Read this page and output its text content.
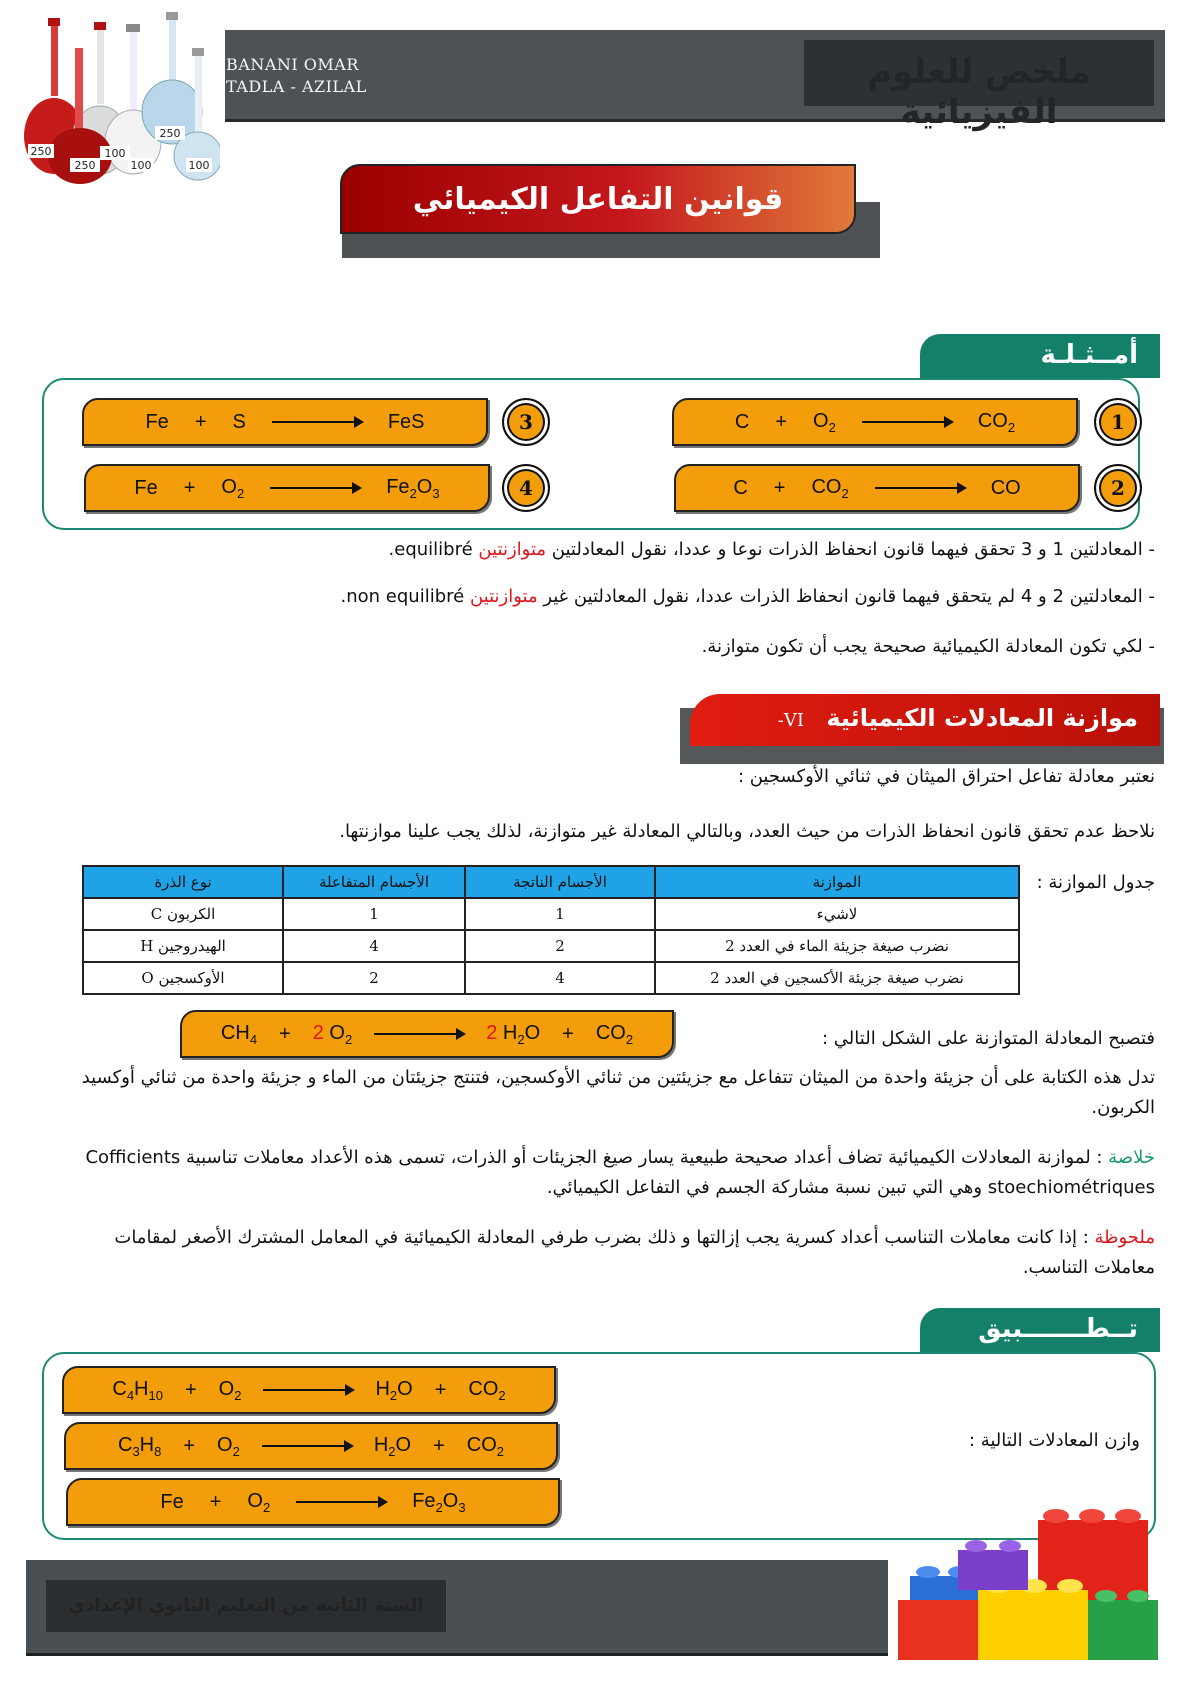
ملخص للعلوم الفيزيائية
BANANI OMAR
TADLA - AZILAL
100
250
250
100
250
100
قوانين التفاعل الكيميائي
أمــثـلـة
$C + O_2$	$CO_2$	1
$C + CO_2$	CO	2
Fe + S	FeS	3
$Fe + O_2$	$Fe_2O_3$	4
- المعادلتين 1 و 3 تحقق فيهما قانون انحفاظ الذرات نوعا و عددا، نقول المعادلتين متوازنتين equilibré.
- المعادلتين 2 و 4 لم يتحقق فيهما قانون انحفاظ الذرات عددا، نقول المعادلتين غير متوازنتين non equilibré.
- لكي تكون المعادلة الكيميائية صحيحة يجب أن تكون متوازنة.
موازنة المعادلات الكيميائية VI-
نعتبر معادلة تفاعل احتراق الميثان في ثنائي الأوكسجين :
نلاحظ عدم تحقق قانون انحفاظ الذرات من حيث العدد، وبالتالي المعادلة غير متوازنة، لذلك يجب علينا موازنتها.
جدول الموازنة :
نوع الذرة	الأجسام المتفاعلة	الأجسام الناتجة	الموازنة
الكربون C	1	1	لاشيء
الهيدروجين H	4	2	نضرب صيغة جزيئة الماء في العدد 2
الأوكسجين O	2	4	نضرب صيغة جزيئة الأكسجين في العدد 2
فتصبح المعادلة المتوازنة على الشكل التالي :
$CH_4 + 2$ $O_2$	2 $H_2O + CO_2$
تدل هذه الكتابة على أن جزيئة واحدة من الميثان تتفاعل مع جزيئتين من ثنائي الأوكسجين، فتنتج جزيئتان من الماء و جزيئة واحدة من ثنائي أوكسيد الكربون.
خلاصة : لموازنة المعادلات الكيميائية تضاف أعداد صحيحة طبيعية يسار صيغ الجزيئات أو الذرات، تسمى هذه الأعداد معاملات تناسبية Cofficients stoechiométriques وهي التي تبين نسبة مشاركة الجسم في التفاعل الكيميائي.
ملحوظة : إذا كانت معاملات التناسب أعداد كسرية يجب إزالتها و ذلك بضرب طرفي المعادلة الكيميائية في المعامل المشترك الأصغر لمقامات معاملات التناسب.
تــطـــــــبيق
وازن المعادلات التالية :
$C_4H_{10} + O_2$	$H_2O + CO_2$
$C_3H_8 + O_2$	$H_2O + CO_2$
$Fe + O_2$	$Fe_2O_3$
السنة الثانية من التعليم الثانوي الإعدادي
